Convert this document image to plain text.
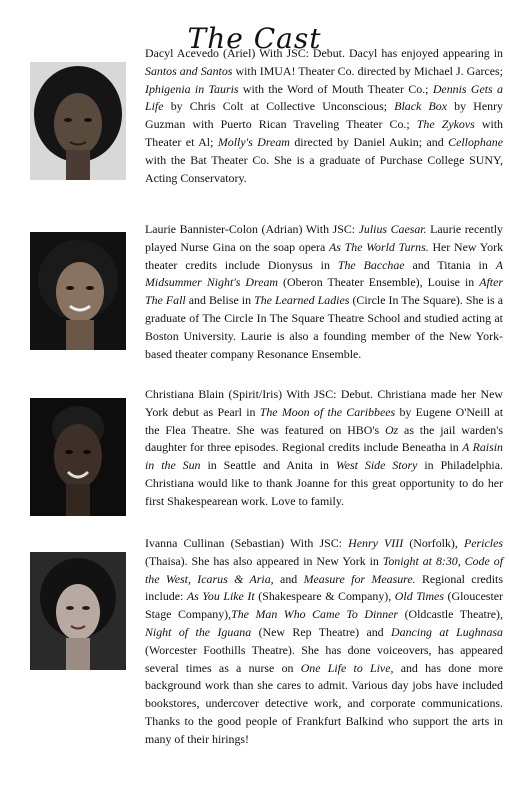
The Cast
Dacyl Acevedo (Ariel) With JSC: Debut. Dacyl has enjoyed appearing in Santos and Santos with IMUA! Theater Co. directed by Michael J. Garces; Iphigenia in Tauris with the Word of Mouth Theater Co.; Dennis Gets a Life by Chris Colt at Collective Unconscious; Black Box by Henry Guzman with Puerto Rican Traveling Theater Co.; The Zykovs with Theater et Al; Molly's Dream directed by Daniel Aukin; and Cellophane with the Bat Theater Co. She is a graduate of Purchase College SUNY, Acting Conservatory.
Laurie Bannister-Colon (Adrian) With JSC: Julius Caesar. Laurie recently played Nurse Gina on the soap opera As The World Turns. Her New York theater credits include Dionysus in The Bacchae and Titania in A Midsummer Night's Dream (Oberon Theater Ensemble), Louise in After The Fall and Belise in The Learned Ladies (Circle In The Square). She is a graduate of The Circle In The Square Theatre School and studied acting at Boston University. Laurie is also a founding member of the New York-based theater company Resonance Ensemble.
Christiana Blain (Spirit/Iris) With JSC: Debut. Christiana made her New York debut as Pearl in The Moon of the Caribbees by Eugene O'Neill at the Flea Theatre. She was featured on HBO's Oz as the jail warden's daughter for three episodes. Regional credits include Beneatha in A Raisin in the Sun in Seattle and Anita in West Side Story in Philadelphia. Christiana would like to thank Joanne for this great opportunity to do her first Shakespearean work. Love to family.
Ivanna Cullinan (Sebastian) With JSC: Henry VIII (Norfolk), Pericles (Thaisa). She has also appeared in New York in Tonight at 8:30, Code of the West, Icarus & Aria, and Measure for Measure. Regional credits include: As You Like It (Shakespeare & Company), Old Times (Gloucester Stage Company),The Man Who Came To Dinner (Oldcastle Theatre), Night of the Iguana (New Rep Theatre) and Dancing at Lughnasa (Worcester Foothills Theatre). She has done voiceovers, has appeared several times as a nurse on One Life to Live, and has done more background work than she cares to admit. Various day jobs have included bookstores, undercover detective work, and corporate communications. Thanks to the good people of Frankfurt Balkind who support the arts in many of their hirings!
